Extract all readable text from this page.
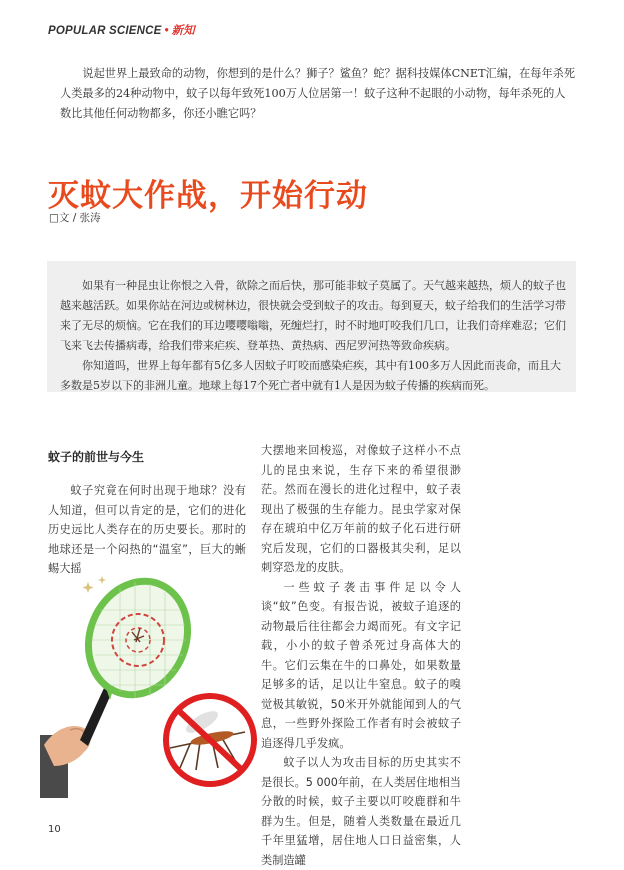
POPULAR SCIENCE • 新知
说起世界上最致命的动物，你想到的是什么？狮子？鲨鱼？蛇？据科技媒体CNET汇编，在每年杀死人类最多的24种动物中，蚊子以每年致死100万人位居第一！蚊子这种不起眼的小动物，每年杀死的人数比其他任何动物都多，你还小瞧它吗？
灭蚊大作战，开始行动
□文 / 张涛

如果有一种昆虫让你恨之入骨，欲除之而后快，那可能非蚊子莫属了。天气越来越热，烦人的蚊子也越来越活跃。如果你站在河边或树林边，很快就会受到蚊子的攻击。每到夏天，蚊子给我们的生活学习带来了无尽的烦恼。它在我们的耳边嘤嘤嗡嗡，死缠烂打，时不时地叮咬我们几口，让我们奇痒难忍；它们飞来飞去传播病毒，给我们带来疟疾、登革热、黄热病、西尼罗河热等致命疾病。

你知道吗，世界上每年都有5亿多人因蚊子叮咬而感染疟疾，其中有100多万人因此而丧命，而且大多数是5岁以下的非洲儿童。地球上每17个死亡者中就有1人是因为蚊子传播的疾病而死。

蚊子的前世与今生

蚊子究竟在何时出现于地球？没有人知道，但可以肯定的是，它们的进化历史远比人类存在的历史要长。那时的地球还是一个闷热的“温室”，巨大的蜥蜴大摇

大摆地来回梭巡，对像蚊子这样小不点儿的昆虫来说，生存下来的希望很渺茫。然而在漫长的进化过程中，蚊子表现出了极强的生存能力。昆虫学家对保存在琥珀中亿万年前的蚊子化石进行研究后发现，它们的口器极其尖利，足以刺穿恐龙的皮肤。

一些蚊子袭击事件足以令人谈“蚊”色变。有报告说，被蚊子追逐的动物最后往往都会力竭而死。有文字记载，小小的蚊子曾杀死过身高体大的牛。它们云集在牛的口鼻处，如果数量足够多的话，足以让牛窒息。蚊子的嗅觉极其敏锐，50米开外就能闻到人的气息，一些野外探险工作者有时会被蚊子追逐得几乎发疯。

蚊子以人为攻击目标的历史其实不是很长。5 000年前，在人类居住地相当分散的时候，蚊子主要以叮咬鹿群和牛群为生。但是，随着人类数量在最近几千年里猛增，居住地人口日益密集，人类制造罐

10
